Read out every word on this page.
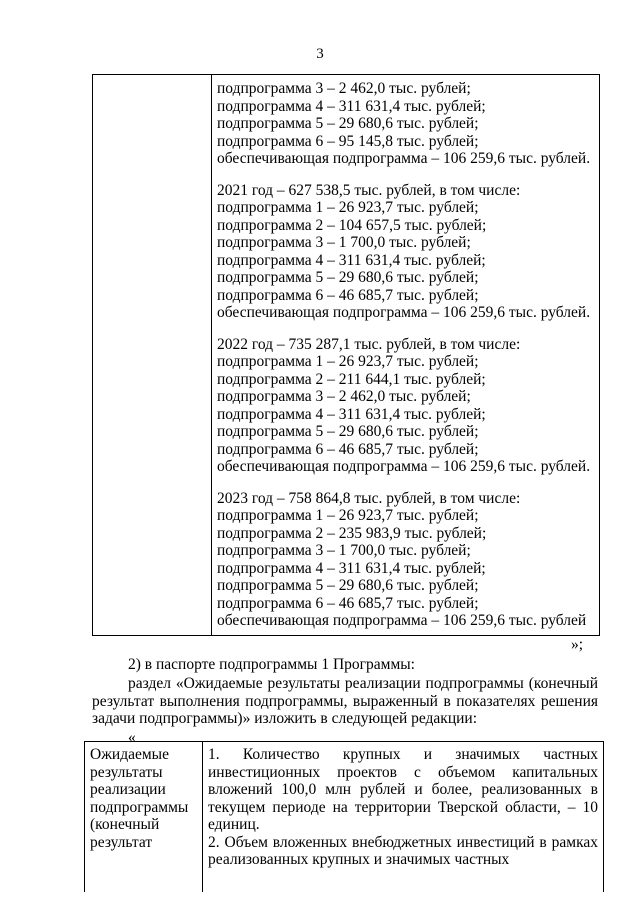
3
подпрограмма 3 – 2 462,0 тыс. рублей;
подпрограмма 4 – 311 631,4 тыс. рублей;
подпрограмма 5 – 29 680,6 тыс. рублей;
подпрограмма 6 – 95 145,8 тыс. рублей;
обеспечивающая подпрограмма – 106 259,6 тыс. рублей.
2021 год – 627 538,5 тыс. рублей, в том числе:
подпрограмма 1 – 26 923,7 тыс. рублей;
подпрограмма 2 – 104 657,5 тыс. рублей;
подпрограмма 3 – 1 700,0 тыс. рублей;
подпрограмма 4 – 311 631,4 тыс. рублей;
подпрограмма 5 – 29 680,6 тыс. рублей;
подпрограмма 6 – 46 685,7 тыс. рублей;
обеспечивающая подпрограмма – 106 259,6 тыс. рублей.
2022 год – 735 287,1 тыс. рублей, в том числе:
подпрограмма 1 – 26 923,7 тыс. рублей;
подпрограмма 2 – 211 644,1 тыс. рублей;
подпрограмма 3 – 2 462,0 тыс. рублей;
подпрограмма 4 – 311 631,4 тыс. рублей;
подпрограмма 5 – 29 680,6 тыс. рублей;
подпрограмма 6 – 46 685,7 тыс. рублей;
обеспечивающая подпрограмма – 106 259,6 тыс. рублей.
2023 год – 758 864,8 тыс. рублей, в том числе:
подпрограмма 1 – 26 923,7 тыс. рублей;
подпрограмма 2 – 235 983,9 тыс. рублей;
подпрограмма 3 – 1 700,0 тыс. рублей;
подпрограмма 4 – 311 631,4 тыс. рублей;
подпрограмма 5 – 29 680,6 тыс. рублей;
подпрограмма 6 – 46 685,7 тыс. рублей;
обеспечивающая подпрограмма – 106 259,6 тыс. рублей
»;
2) в паспорте подпрограммы 1 Программы:
раздел «Ожидаемые результаты реализации подпрограммы (конечный результат выполнения подпрограммы, выраженный в показателях решения задачи подпрограммы)» изложить в следующей редакции:
«
Ожидаемые
результаты
реализации
подпрограммы
(конечный
результат
1. Количество крупных и значимых частных инвестиционных проектов с объемом капитальных вложений 100,0 млн рублей и более, реализованных в текущем периоде на территории Тверской области, – 10 единиц.
2. Объем вложенных внебюджетных инвестиций в рамках реализованных крупных и значимых частных
